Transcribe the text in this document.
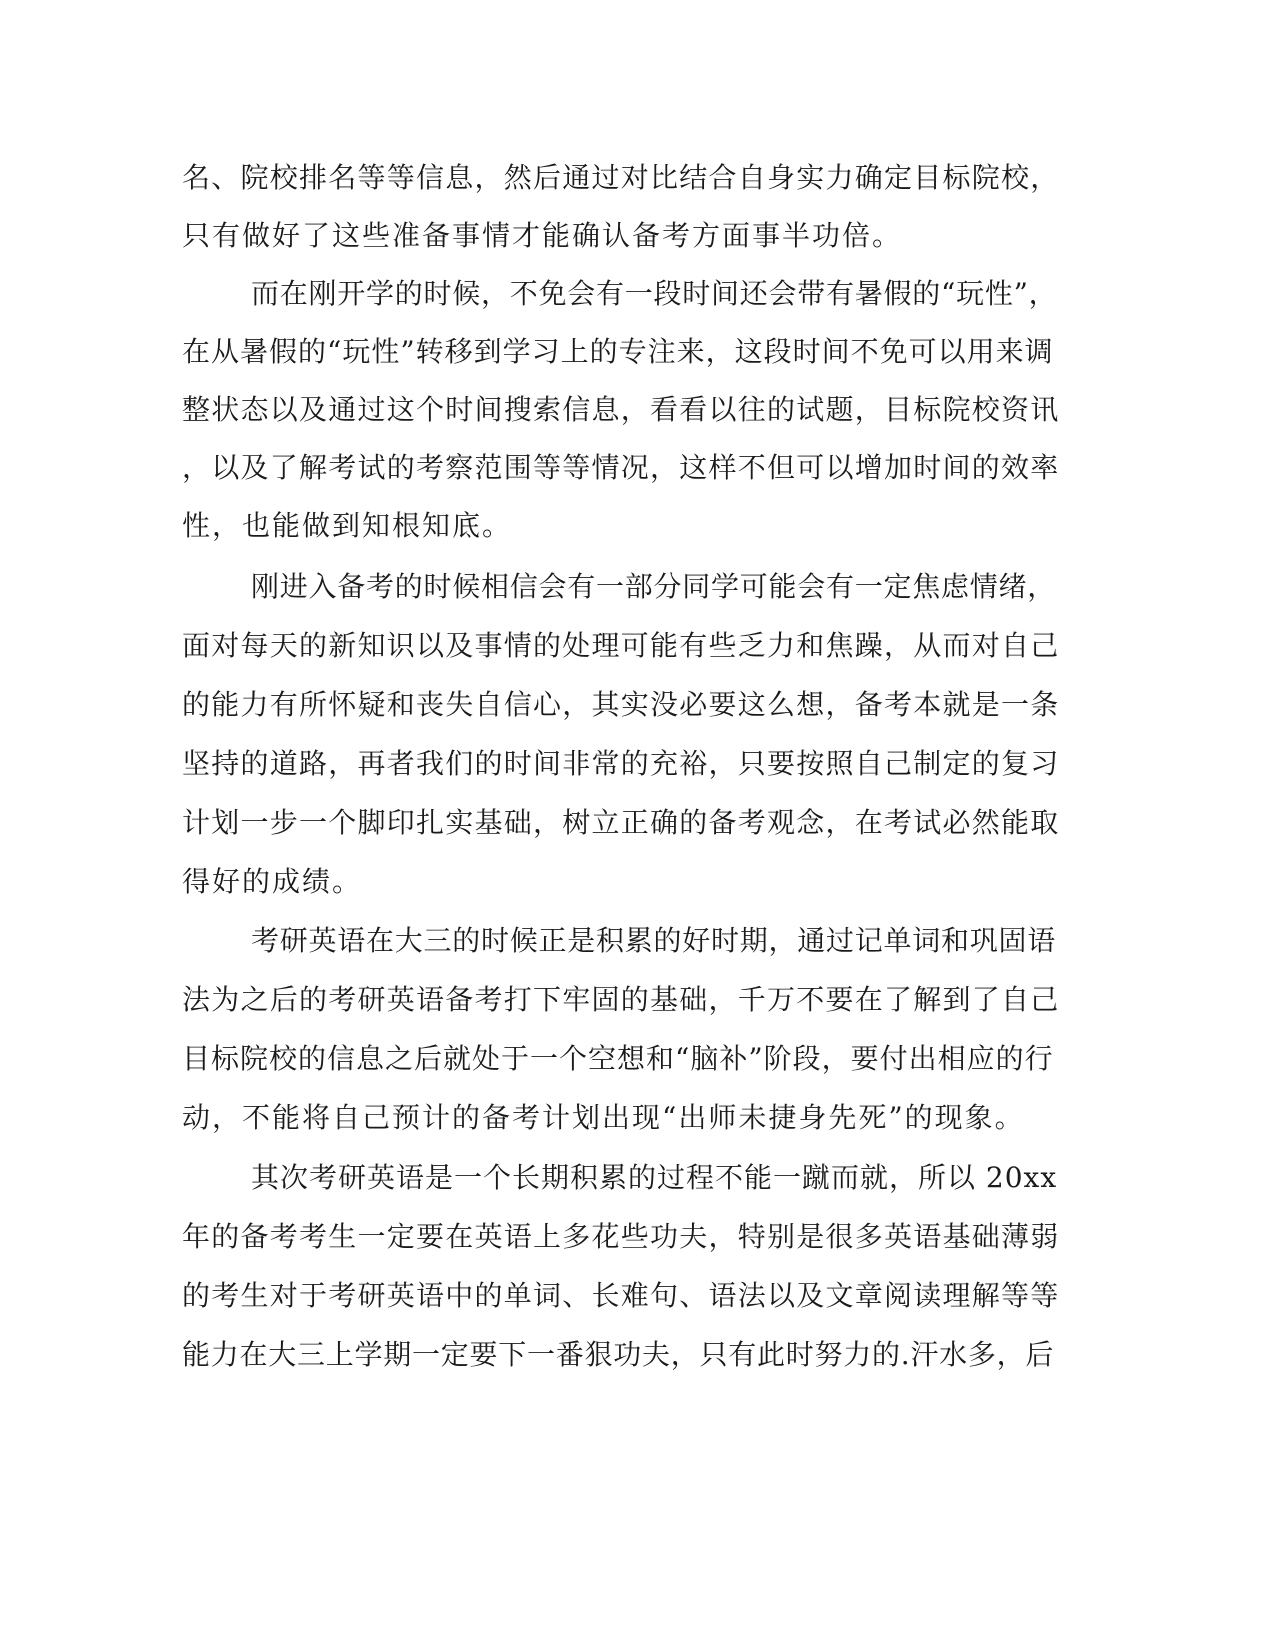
名、院校排名等等信息，然后通过对比结合自身实力确定目标院校，

只有做好了这些准备事情才能确认备考方面事半功倍。

而在刚开学的时候，不免会有一段时间还会带有暑假的“玩性”，

在从暑假的“玩性”转移到学习上的专注来，这段时间不免可以用来调

整状态以及通过这个时间搜索信息，看看以往的试题，目标院校资讯

，以及了解考试的考察范围等等情况，这样不但可以增加时间的效率

性，也能做到知根知底。

刚进入备考的时候相信会有一部分同学可能会有一定焦虑情绪，

面对每天的新知识以及事情的处理可能有些乏力和焦躁，从而对自己

的能力有所怀疑和丧失自信心，其实没必要这么想，备考本就是一条

坚持的道路，再者我们的时间非常的充裕，只要按照自己制定的复习

计划一步一个脚印扎实基础，树立正确的备考观念，在考试必然能取

得好的成绩。

考研英语在大三的时候正是积累的好时期，通过记单词和巩固语

法为之后的考研英语备考打下牢固的基础，千万不要在了解到了自己

目标院校的信息之后就处于一个空想和“脑补”阶段，要付出相应的行

动，不能将自己预计的备考计划出现“出师未捷身先死”的现象。

其次考研英语是一个长期积累的过程不能一蹴而就，所以 20xx

年的备考考生一定要在英语上多花些功夫，特别是很多英语基础薄弱

的考生对于考研英语中的单词、长难句、语法以及文章阅读理解等等

能力在大三上学期一定要下一番狠功夫，只有此时努力的.汗水多，后
